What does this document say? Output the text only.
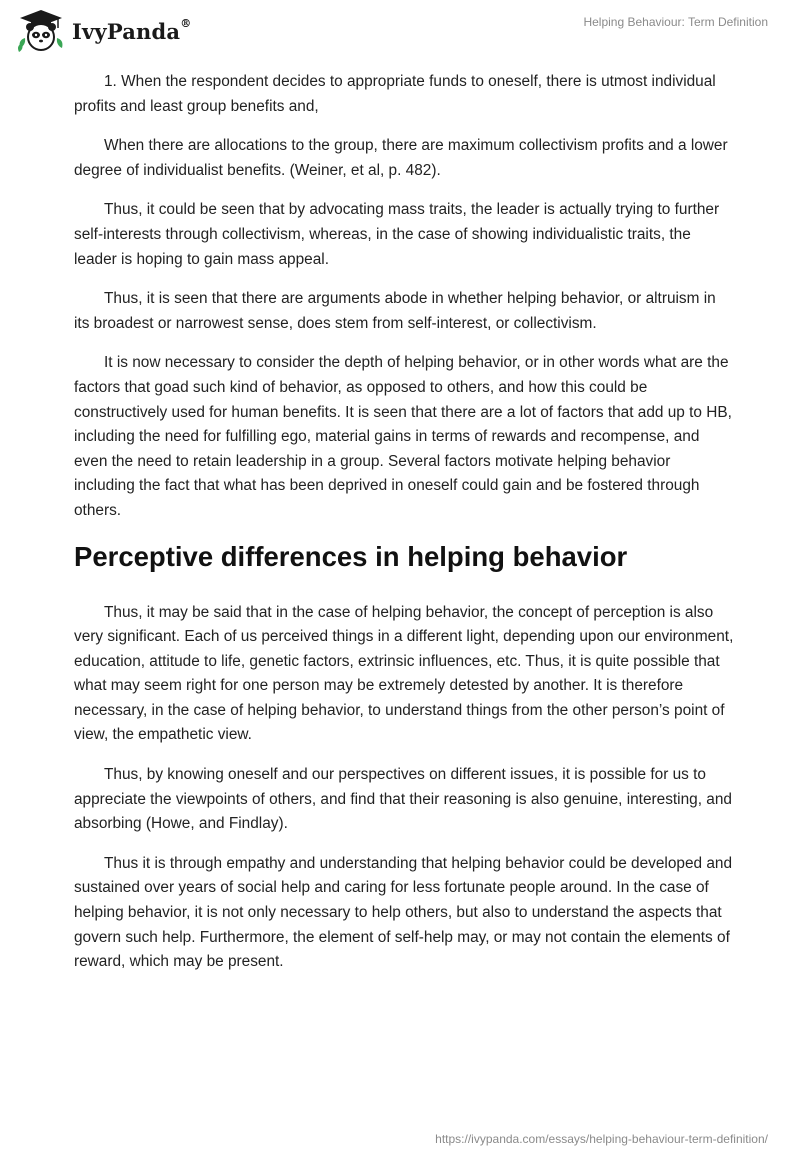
IvyPanda®	Helping Behaviour: Term Definition

1. When the respondent decides to appropriate funds to oneself, there is utmost individual profits and least group benefits and,

When there are allocations to the group, there are maximum collectivism profits and a lower degree of individualist benefits. (Weiner, et al, p. 482).

Thus, it could be seen that by advocating mass traits, the leader is actually trying to further self-interests through collectivism, whereas, in the case of showing individualistic traits, the leader is hoping to gain mass appeal.

Thus, it is seen that there are arguments abode in whether helping behavior, or altruism in its broadest or narrowest sense, does stem from self-interest, or collectivism.

It is now necessary to consider the depth of helping behavior, or in other words what are the factors that goad such kind of behavior, as opposed to others, and how this could be constructively used for human benefits. It is seen that there are a lot of factors that add up to HB, including the need for fulfilling ego, material gains in terms of rewards and recompense, and even the need to retain leadership in a group. Several factors motivate helping behavior including the fact that what has been deprived in oneself could gain and be fostered through others.

Perceptive differences in helping behavior

Thus, it may be said that in the case of helping behavior, the concept of perception is also very significant. Each of us perceived things in a different light, depending upon our environment, education, attitude to life, genetic factors, extrinsic influences, etc. Thus, it is quite possible that what may seem right for one person may be extremely detested by another. It is therefore necessary, in the case of helping behavior, to understand things from the other person’s point of view, the empathetic view.

Thus, by knowing oneself and our perspectives on different issues, it is possible for us to appreciate the viewpoints of others, and find that their reasoning is also genuine, interesting, and absorbing (Howe, and Findlay).

Thus it is through empathy and understanding that helping behavior could be developed and sustained over years of social help and caring for less fortunate people around. In the case of helping behavior, it is not only necessary to help others, but also to understand the aspects that govern such help. Furthermore, the element of self-help may, or may not contain the elements of reward, which may be present.

https://ivypanda.com/essays/helping-behaviour-term-definition/
